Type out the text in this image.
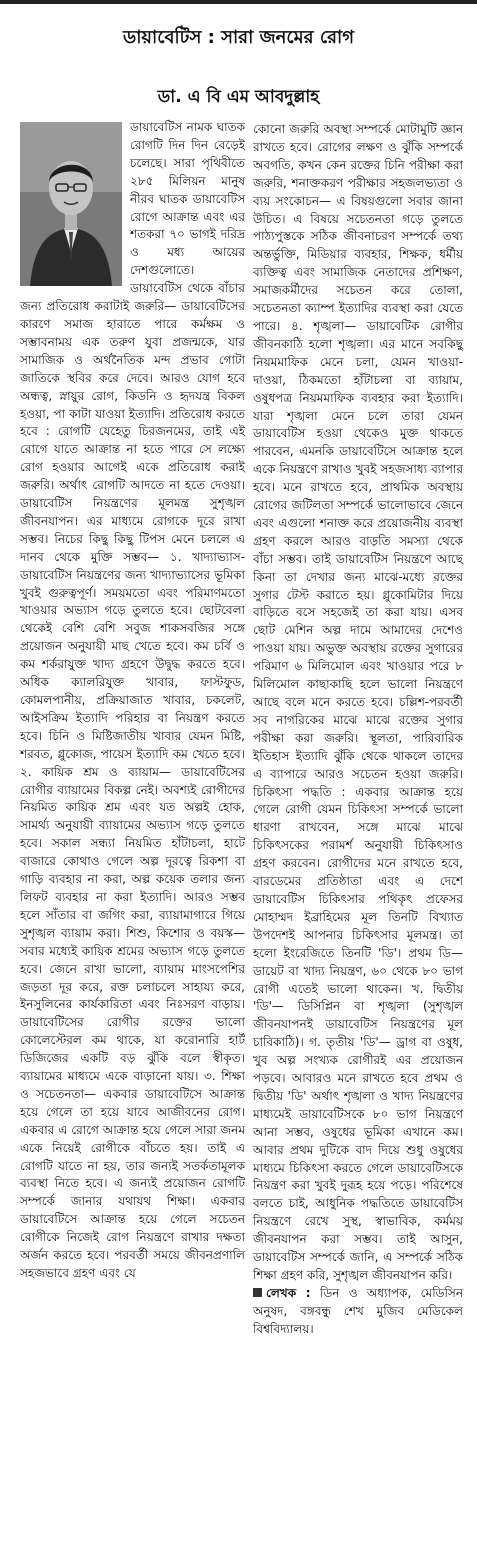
ডায়াবেটিস : সারা জনমের রোগ
ডা. এ বি এম আবদুল্লাহ

ডায়াবেটিস নামক ঘাতক রোগটি দিন দিন বেড়েই চলেছে। সারা পৃথিবীতে ২৮৫ মিলিয়ন মানুষ নীরব ঘাতক ডায়াবেটিস রোগে আক্রান্ত এবং এর শতকরা ৭০ ভাগই দরিদ্র ও মধ্য আয়ের দেশগুলোতে। ডায়াবেটিস থেকে বাঁচার জন্য প্রতিরোধ করাটাই জরুরি— ডায়াবেটিসের কারণে সমাজ হারাতে পারে কর্মক্ষম ও সম্ভাবনাময় এক তরুণ যুবা প্রজন্মকে, যার সামাজিক ও অর্থনৈতিক মন্দ প্রভাব গোটা জাতিকে স্থবির করে দেবে। আরও যোগ হবে অন্ধত্ব, স্নায়ুর রোগ, কিডনি ও হৃদযন্ত্র বিকল হওয়া, পা কাটা যাওয়া ইত্যাদি। প্রতিরোধ করতে হবে : রোগটি যেহেতু চিরজনমের, তাই এই রোগে যাতে আক্রান্ত না হতে পারে সে লক্ষ্যে রোগ হওয়ার আগেই একে প্রতিরোধ করাই জরুরি। অর্থাৎ রোগটি আদতে না হতে দেওয়া। ডায়াবেটিস নিয়ন্ত্রণের মূলমন্ত্র সুশৃঙ্খল জীবনযাপন। এর মাধ্যমে রোগকে দূরে রাখা সম্ভব। নিচের কিছু কিছু টিপস মেনে চললে এ দানব থেকে মুক্তি সম্ভব— ১. খাদ্যাভ্যাস- ডায়াবেটিস নিয়ন্ত্রণের জন্য খাদ্যাভ্যাসের ভূমিকা খুবই গুরুত্বপূর্ণ। সময়মতো এবং পরিমাণমতো খাওয়ার অভ্যাস গড়ে তুলতে হবে। ছোটবেলা থেকেই বেশি বেশি সবুজ শাকসবজির সঙ্গে প্রয়োজন অনুযায়ী মাছ খেতে হবে। কম চর্বি ও কম শর্করাযুক্ত খাদ্য গ্রহণে উদ্বুদ্ধ করতে হবে। অধিক ক্যালরিযুক্ত খাবার, ফাস্টফুড, কোমলপানীয়, প্রক্রিয়াজাত খাবার, চকলেট, আইসক্রিম ইত্যাদি পরিহার বা নিয়ন্ত্রণ করতে হবে। চিনি ও মিষ্টিজাতীয় খাবার যেমন মিষ্টি, শরবত, গ্লুকোজ, পায়েস ইত্যাদি কম খেতে হবে। ২. কায়িক শ্রম ও ব্যায়াম— ডায়াবেটিসের রোগীর ব্যায়ামের বিকল্প নেই। অবশ্যই রোগীদের নিয়মিত কায়িক শ্রম এবং যত অল্পই হোক, সামর্থ্য অনুযায়ী ব্যায়ামের অভ্যাস গড়ে তুলতে হবে। সকাল সন্ধ্যা নিয়মিত হাঁটাচলা, হাটে বাজারে কোথাও গেলে অল্প দূরত্বে রিকশা বা গাড়ি ব্যবহার না করা, অল্প কয়েক তলার জন্য লিফট ব্যবহার না করা ইত্যাদি। আরও সম্ভব হলে সাঁতার বা জগিং করা, ব্যায়ামাগারে গিয়ে সুশৃঙ্খল ব্যায়াম করা। শিশু, কিশোর ও বয়স্ক— সবার মধ্যেই কায়িক শ্রমের অভ্যাস গড়ে তুলতে হবে। জেনে রাখা ভালো, ব্যায়াম মাংসপেশির জড়তা দূর করে, রক্ত চলাচলে সাহায্য করে, ইনসুলিনের কার্যকারিতা এবং নিঃসরণ বাড়ায়। ডায়াবেটিসের রোগীর রক্তের ভালো কোলেস্টেরল কম থাকে, যা করোনারি হার্ট ডিজিজের একটি বড় ঝুঁকি বলে স্বীকৃত। ব্যায়ামের মাধ্যমে একে বাড়ানো যায়। ৩. শিক্ষা ও সচেতনতা— একবার ডায়াবেটিসে আক্রান্ত হয়ে গেলে তা হয়ে যাবে আজীবনের রোগ। একবার এ রোগে আক্রান্ত হয়ে গেলে সারা জনম একে নিয়েই রোগীকে বাঁচতে হয়। তাই এ রোগটি যাতে না হয়, তার জন্যই সতর্কতামূলক ব্যবস্থা নিতে হবে। এ জন্যই প্রয়োজন রোগটি সম্পর্কে জানার যথাযথ শিক্ষা। একবার ডায়াবেটিসে আক্রান্ত হয়ে গেলে সচেতন রোগীকে নিজেই রোগ নিয়ন্ত্রণে রাখার দক্ষতা অর্জন করতে হবে। পরবর্তী সময়ে জীবনপ্রণালি সহজভাবে গ্রহণ এবং যে

কোনো জরুরি অবস্থা সম্পর্কে মোটামুটি জ্ঞান রাখতে হবে। রোগের লক্ষণ ও ঝুঁকি সম্পর্কে অবগতি, কখন কেন রক্তের চিনি পরীক্ষা করা জরুরি, শনাক্তকরণ পরীক্ষার সহজলভ্যতা ও ব্যয় সংকোচন— এ বিষয়গুলো সবার জানা উচিত। এ বিষয়ে সচেতনতা গড়ে তুলতে পাঠ্যপুস্তকে সঠিক জীবনাচরণ সম্পর্কে তথ্য অন্তর্ভুক্তি, মিডিয়ার ব্যবহার, শিক্ষক, ধর্মীয় ব্যক্তিত্ব এবং সামাজিক নেতাদের প্রশিক্ষণ, সমাজকর্মীদের সচেতন করে তোলা, সচেতনতা ক্যাম্প ইত্যাদির ব্যবস্থা করা যেতে পারে। ৪. শৃঙ্খলা— ডায়াবেটিক রোগীর জীবনকাঠি হলো শৃঙ্খলা। এর মানে সবকিছু নিয়মমাফিক মেনে চলা, যেমন খাওয়া-দাওয়া, ঠিকমতো হাঁটাচলা বা ব্যায়াম, ওষুধপত্র নিয়মমাফিক ব্যবহার করা ইত্যাদি। যারা শৃঙ্খলা মেনে চলে তারা যেমন ডায়াবেটিস হওয়া থেকেও মুক্ত থাকতে পারবেন, এমনকি ডায়াবেটিসে আক্রান্ত হলে একে নিয়ন্ত্রণে রাখাও খুবই সহজসাধ্য ব্যাপার হবে। মনে রাখতে হবে, প্রাথমিক অবস্থায় রোগের জটিলতা সম্পর্কে ভালোভাবে জেনে এবং এগুলো শনাক্ত করে প্রয়োজনীয় ব্যবস্থা গ্রহণ করলে আরও বাড়তি সমস্যা থেকে বাঁচা সম্ভব। তাই ডায়াবেটিস নিয়ন্ত্রণে আছে কিনা তা দেখার জন্য মাঝে-মধ্যে রক্তের সুগার টেস্ট করাতে হয়। গ্লুকোমিটার দিয়ে বাড়িতে বসে সহজেই তা করা যায়। এসব ছোট মেশিন অল্প দামে আমাদের দেশেও পাওয়া যায়। অভুক্ত অবস্থায় রক্তের সুগারের পরিমাণ ৬ মিলিমোল এবং খাওয়ার পরে ৮ মিলিমোল কাছাকাছি হলে ভালো নিয়ন্ত্রণে আছে বলে মনে করতে হবে। চল্লিশ-পরবর্তী সব নাগরিকের মাঝে মাঝে রক্তের সুগার পরীক্ষা করা জরুরি। স্থূলতা, পারিবারিক ইতিহাস ইত্যাদি ঝুঁকি থেকে থাকলে তাদের এ ব্যাপারে আরও সচেতন হওয়া জরুরি। চিকিৎসা পদ্ধতি : একবার আক্রান্ত হয়ে গেলে রোগী যেমন চিকিৎসা সম্পর্কে ভালো ধারণা রাখবেন, সঙ্গে মাঝে মাঝে চিকিৎসকের পরামর্শ অনুযায়ী চিকিৎসাও গ্রহণ করবেন। রোগীদের মনে রাখতে হবে, বারডেমের প্রতিষ্ঠাতা এবং এ দেশে ডায়াবেটিস চিকিৎসার পথিকৃৎ প্রফেসর মোহাম্মদ ইব্রাহিমের মূল তিনটি বিখ্যাত উপদেশই আপনার চিকিৎসার মূলমন্ত্র। তা হলো ইংরেজিতে তিনটি 'ডি'। প্রথম ডি—ডায়েট বা খাদ্য নিয়ন্ত্রণ, ৬০ থেকে ৮০ ভাগ রোগী এতেই ভালো থাকেন। খ. দ্বিতীয় 'ডি'— ডিসিপ্লিন বা শৃঙ্খলা (সুশৃঙ্খল জীবনযাপনই ডায়াবেটিস নিয়ন্ত্রণের মূল চাবিকাঠি)। গ. তৃতীয় 'ডি'— ড্রাগ বা ওষুধ, খুব অল্প সংখ্যক রোগীরই এর প্রয়োজন পড়বে। আবারও মনে রাখতে হবে প্রথম ও দ্বিতীয় 'ডি' অর্থাৎ শৃঙ্খলা ও খাদ্য নিয়ন্ত্রণের মাধ্যমেই ডায়াবেটিসকে ৮০ ভাগ নিয়ন্ত্রণে আনা সম্ভব, ওষুধের ভূমিকা এখানে কম। আবার প্রথম দুটিকে বাদ দিয়ে শুধু ওষুধের মাধ্যমে চিকিৎসা করতে গেলে ডায়াবেটিসকে নিয়ন্ত্রণ করা খুবই দুরূহ হয়ে পড়ে। পরিশেষে বলতে চাই, আধুনিক পদ্ধতিতে ডায়াবেটিস নিয়ন্ত্রণে রেখে সুস্থ, স্বাভাবিক, কর্মময় জীবনযাপন করা সম্ভব। তাই আসুন, ডায়াবেটিস সম্পর্কে জানি, এ সম্পর্কে সঠিক শিক্ষা গ্রহণ করি, সুশৃঙ্খল জীবনযাপন করি।

লেখক : ডিন ও অধ্যাপক, মেডিসিন অনুষদ, বঙ্গবন্ধু শেখ মুজিব মেডিকেল বিশ্ববিদ্যালয়।
